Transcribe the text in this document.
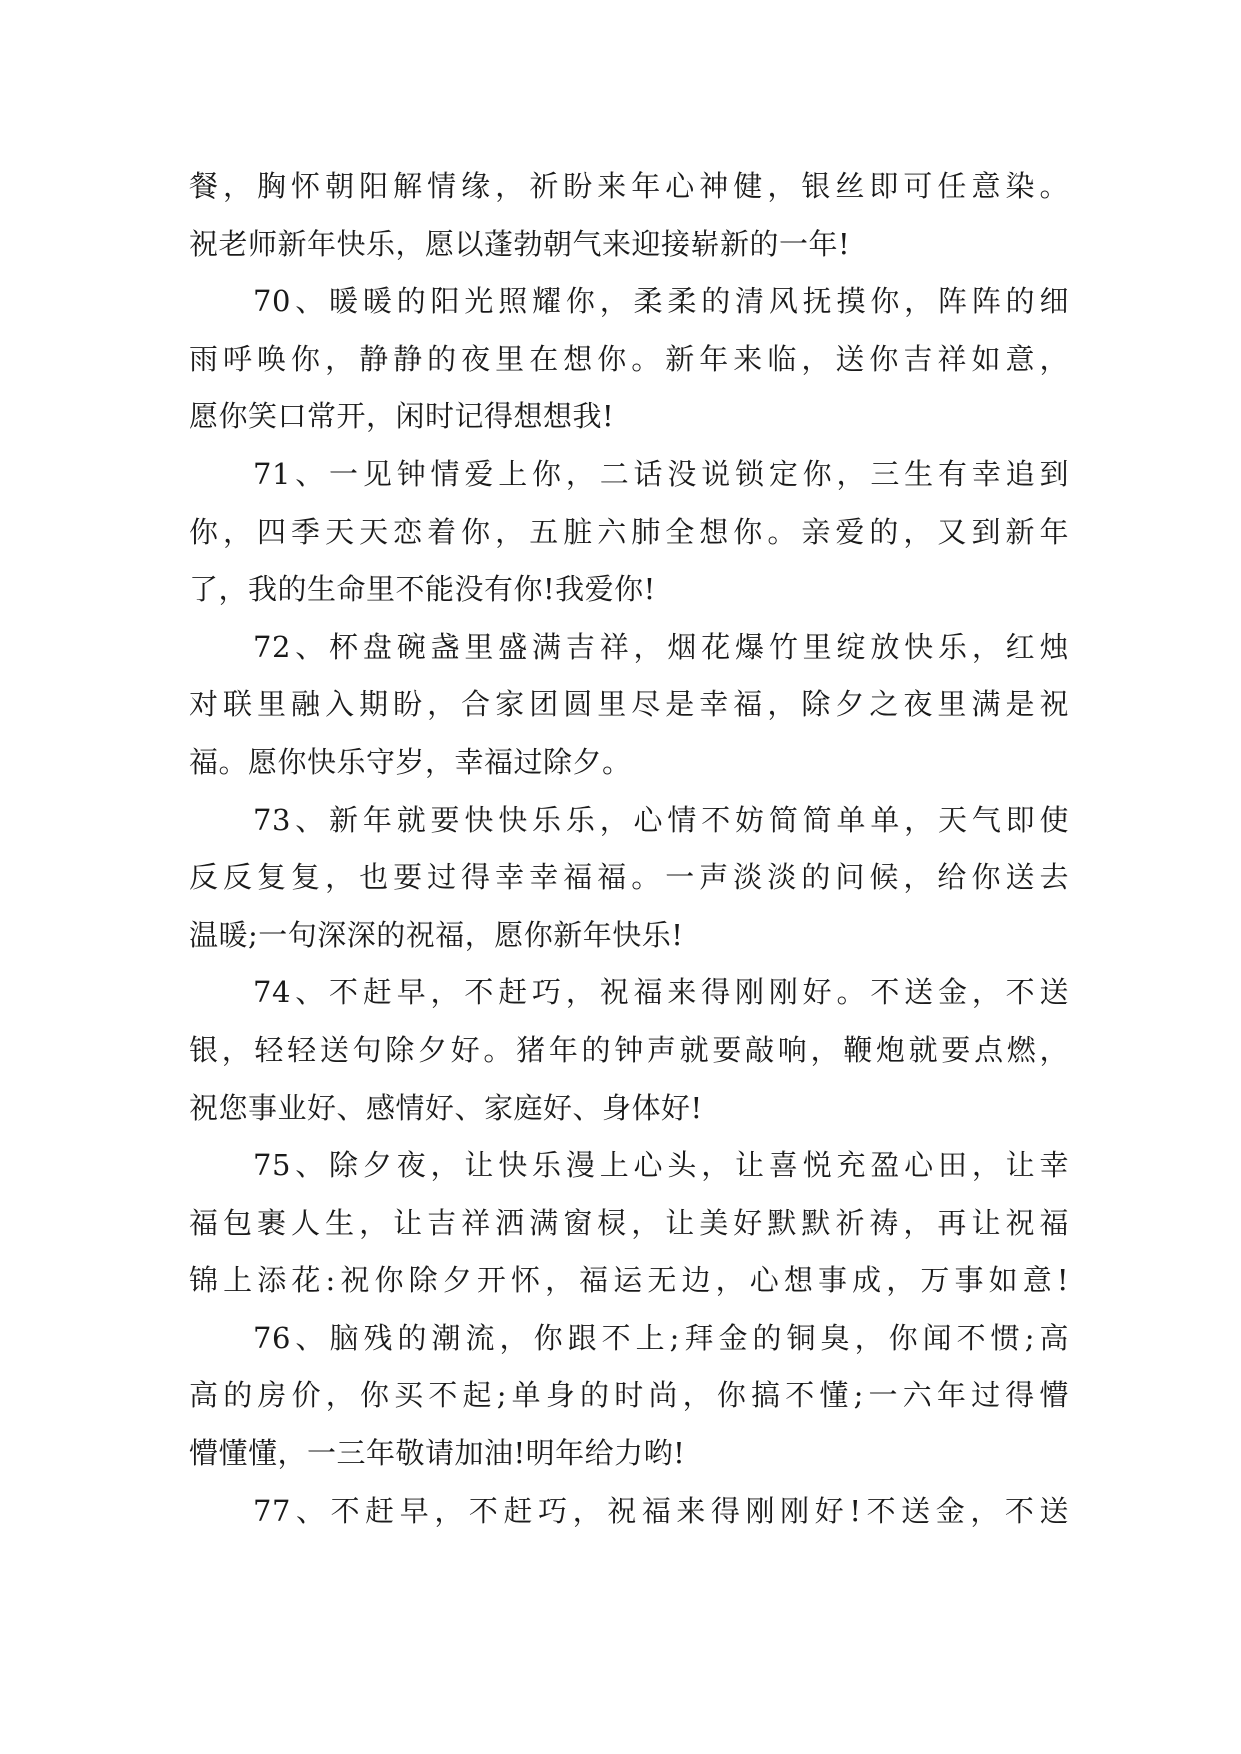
餐，胸怀朝阳解情缘，祈盼来年心神健，银丝即可任意染。
祝老师新年快乐，愿以蓬勃朝气来迎接崭新的一年!
70、暖暖的阳光照耀你，柔柔的清风抚摸你，阵阵的细
雨呼唤你，静静的夜里在想你。新年来临，送你吉祥如意，
愿你笑口常开，闲时记得想想我!
71、一见钟情爱上你，二话没说锁定你，三生有幸追到
你，四季天天恋着你，五脏六肺全想你。亲爱的，又到新年
了，我的生命里不能没有你!我爱你!
72、杯盘碗盏里盛满吉祥，烟花爆竹里绽放快乐，红烛
对联里融入期盼，合家团圆里尽是幸福，除夕之夜里满是祝
福。愿你快乐守岁，幸福过除夕。
73、新年就要快快乐乐，心情不妨简简单单，天气即使
反反复复，也要过得幸幸福福。一声淡淡的问候，给你送去
温暖;一句深深的祝福，愿你新年快乐!
74、不赶早，不赶巧，祝福来得刚刚好。不送金，不送
银，轻轻送句除夕好。猪年的钟声就要敲响，鞭炮就要点燃，
祝您事业好、感情好、家庭好、身体好!
75、除夕夜，让快乐漫上心头，让喜悦充盈心田，让幸
福包裹人生，让吉祥洒满窗棂，让美好默默祈祷，再让祝福
锦上添花:祝你除夕开怀，福运无边，心想事成，万事如意!
76、脑残的潮流，你跟不上;拜金的铜臭，你闻不惯;高
高的房价，你买不起;单身的时尚，你搞不懂;一六年过得懵
懵懂懂，一三年敬请加油!明年给力哟!
77、不赶早，不赶巧，祝福来得刚刚好!不送金，不送
